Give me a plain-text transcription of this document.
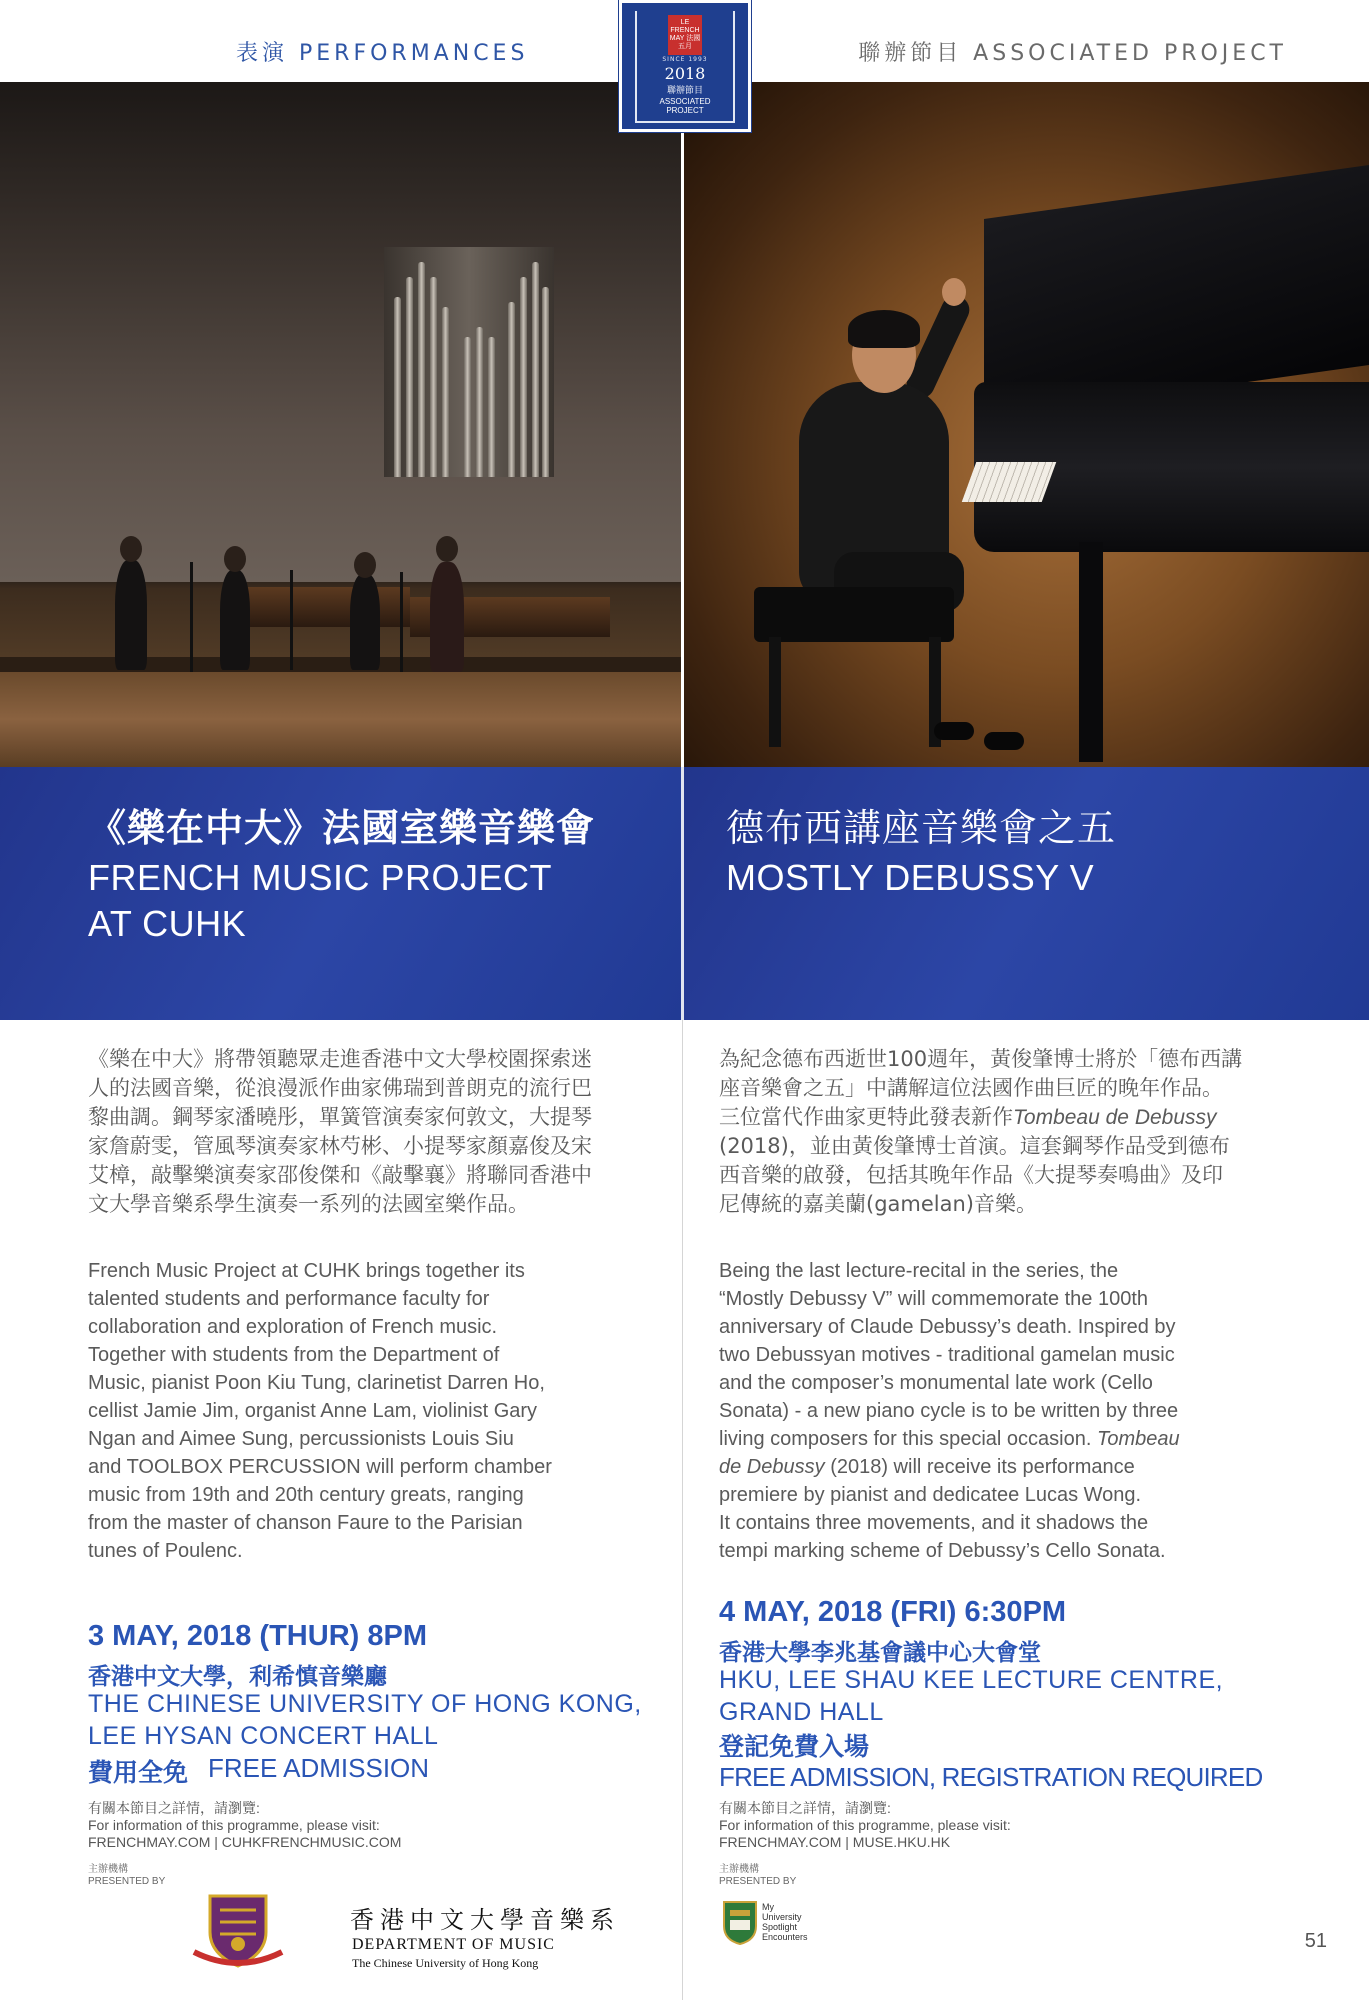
表演 PERFORMANCES	聯辦節目 ASSOCIATED PROJECT
LE FRENCH MAY 法國五月
SINCE 1993
2018
聯辦節目
ASSOCIATED
PROJECT
《樂在中大》法國室樂音樂會
FRENCH MUSIC PROJECT
AT CUHK
德布西講座音樂會之五
MOSTLY DEBUSSY V
《樂在中大》將帶領聽眾走進香港中文大學校園探索迷
人的法國音樂，從浪漫派作曲家佛瑞到普朗克的流行巴
黎曲調。鋼琴家潘曉彤，單簧管演奏家何敦文，大提琴
家詹蔚雯，管風琴演奏家林芍彬、小提琴家顏嘉俊及宋
艾樟，敲擊樂演奏家邵俊傑和《敲擊襄》將聯同香港中
文大學音樂系學生演奏一系列的法國室樂作品。
French Music Project at CUHK brings together its
talented students and performance faculty for
collaboration and exploration of French music.
Together with students from the Department of
Music, pianist Poon Kiu Tung, clarinetist Darren Ho,
cellist Jamie Jim, organist Anne Lam, violinist Gary
Ngan and Aimee Sung, percussionists Louis Siu
and TOOLBOX PERCUSSION will perform chamber
music from 19th and 20th century greats, ranging
from the master of chanson Faure to the Parisian
tunes of Poulenc.
3 MAY, 2018 (THUR) 8PM
香港中文大學，利希慎音樂廳
THE CHINESE UNIVERSITY OF HONG KONG,
LEE HYSAN CONCERT HALL
費用全免 FREE ADMISSION
有關本節目之詳情，請瀏覽:
For information of this programme, please visit:
FRENCHMAY.COM | CUHKFRENCHMUSIC.COM
主辦機構
PRESENTED BY
香港中文大學音樂系
DEPARTMENT OF MUSIC
The Chinese University of Hong Kong
為紀念德布西逝世100週年，黃俊肇博士將於「德布西講
座音樂會之五」中講解這位法國作曲巨匠的晚年作品。
三位當代作曲家更特此發表新作Tombeau de Debussy
(2018)，並由黃俊肇博士首演。這套鋼琴作品受到德布
西音樂的啟發，包括其晚年作品《大提琴奏鳴曲》及印
尼傳統的嘉美蘭(gamelan)音樂。
Being the last lecture-recital in the series, the
“Mostly Debussy V” will commemorate the 100th
anniversary of Claude Debussy’s death. Inspired by
two Debussyan motives - traditional gamelan music
and the composer’s monumental late work (Cello
Sonata) - a new piano cycle is to be written by three
living composers for this special occasion. Tombeau
de Debussy (2018) will receive its performance
premiere by pianist and dedicatee Lucas Wong.
It contains three movements, and it shadows the
tempi marking scheme of Debussy’s Cello Sonata.
4 MAY, 2018 (FRI) 6:30PM
香港大學李兆基會議中心大會堂
HKU, LEE SHAU KEE LECTURE CENTRE,
GRAND HALL
登記免費入場
FREE ADMISSION, REGISTRATION REQUIRED
有關本節目之詳情，請瀏覽:
For information of this programme, please visit:
FRENCHMAY.COM | MUSE.HKU.HK
主辦機構
PRESENTED BY
My
University
Spotlight
Encounters	51
